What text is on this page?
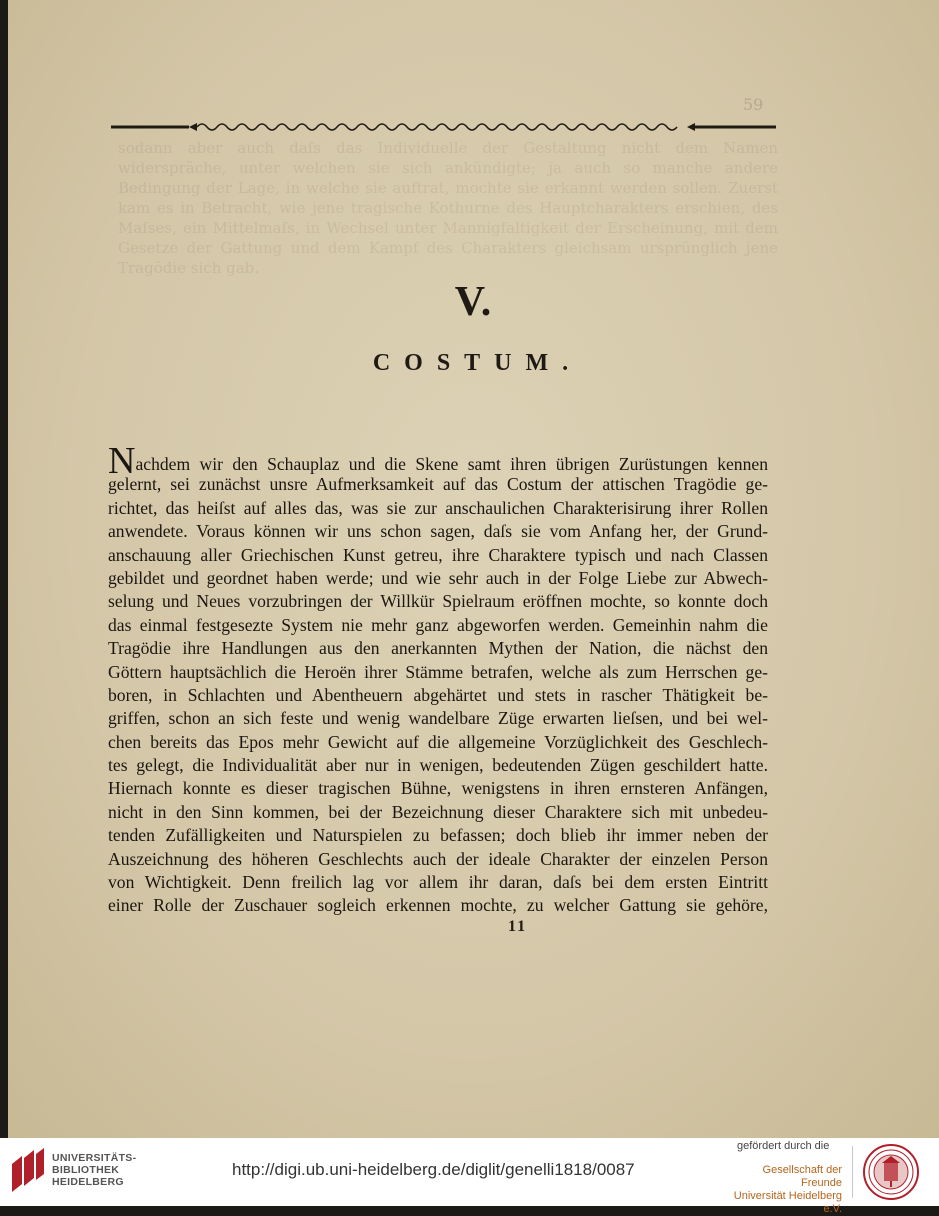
59
sodann aber auch daſs das Individuelle der Gestaltung nicht dem Namen widerspräche, unter welchen sie sich ankündigte; ja auch so manche andere Bedingung der Lage, in welche sie auftrat, mochte sie erkannt werden sollen. Zuerst kam es in Betracht, wie jene tragische Kothurne des Hauptcharakters erschien, des Maſses, ein Mittelmaſs, in Wechsel unter Mannigfaltigkeit der Erscheinung, mit dem Gesetze der Gattung und dem Kampf des Charakters gleichsam ursprünglich jene Tragödie sich gab.
V.
COSTUM.
Nachdem wir den Schauplaz und die Skene samt ihren übrigen Zurüstungen kennen
gelernt, sei zunächst unsre Aufmerksamkeit auf das Costum der attischen Tragödie ge-
richtet, das heiſst auf alles das, was sie zur anschaulichen Charakterisirung ihrer Rollen
anwendete. Voraus können wir uns schon sagen, daſs sie vom Anfang her, der Grund-
anschauung aller Griechischen Kunst getreu, ihre Charaktere typisch und nach Classen
gebildet und geordnet haben werde; und wie sehr auch in der Folge Liebe zur Abwech-
selung und Neues vorzubringen der Willkür Spielraum eröffnen mochte, so konnte doch
das einmal festgesezte System nie mehr ganz abgeworfen werden. Gemeinhin nahm die
Tragödie ihre Handlungen aus den anerkannten Mythen der Nation, die nächst den
Göttern hauptsächlich die Heroën ihrer Stämme betrafen, welche als zum Herrschen ge-
boren, in Schlachten und Abentheuern abgehärtet und stets in rascher Thätigkeit be-
griffen, schon an sich feste und wenig wandelbare Züge erwarten lieſsen, und bei wel-
chen bereits das Epos mehr Gewicht auf die allgemeine Vorzüglichkeit des Geschlech-
tes gelegt, die Individualität aber nur in wenigen, bedeutenden Zügen geschildert hatte.
Hiernach konnte es dieser tragischen Bühne, wenigstens in ihren ernsteren Anfängen,
nicht in den Sinn kommen, bei der Bezeichnung dieser Charaktere sich mit unbedeu-
tenden Zufälligkeiten und Naturspielen zu befassen; doch blieb ihr immer neben der
Auszeichnung des höheren Geschlechts auch der ideale Charakter der einzelen Person
von Wichtigkeit. Denn freilich lag vor allem ihr daran, daſs bei dem ersten Eintritt
einer Rolle der Zuschauer sogleich erkennen mochte, zu welcher Gattung sie gehöre,
11
UNIVERSITÄTS-
BIBLIOTHEK
HEIDELBERG
http://digi.ub.uni-heidelberg.de/diglit/genelli1818/0087
gefördert durch die
Gesellschaft der Freunde
Universität Heidelberg e.V.
